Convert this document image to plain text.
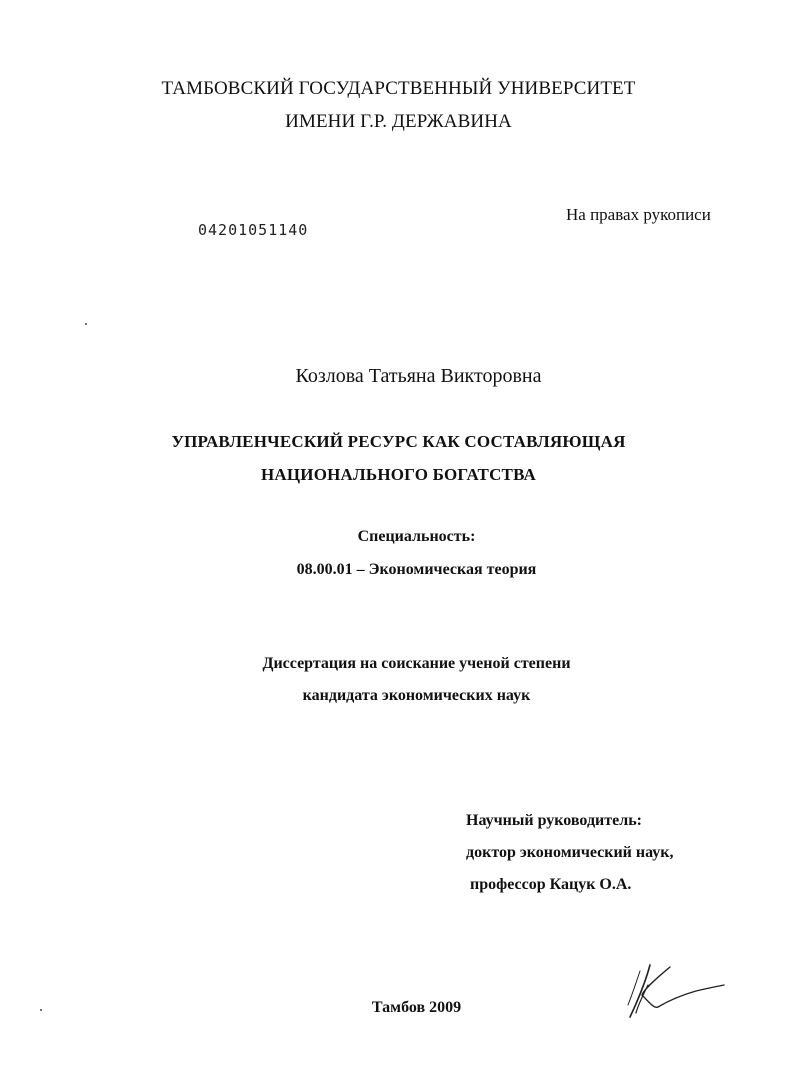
ТАМБОВСКИЙ ГОСУДАРСТВЕННЫЙ УНИВЕРСИТЕТ
ИМЕНИ Г.Р. ДЕРЖАВИНА
04201051140
На правах рукописи
Козлова Татьяна Викторовна
УПРАВЛЕНЧЕСКИЙ РЕСУРС КАК СОСТАВЛЯЮЩАЯ
НАЦИОНАЛЬНОГО БОГАТСТВА
Специальность:
08.00.01 – Экономическая теория
Диссертация на соискание ученой степени
кандидата экономических наук
Научный руководитель:
доктор экономический наук,
профессор Кацук О.А.
Тамбов 2009
